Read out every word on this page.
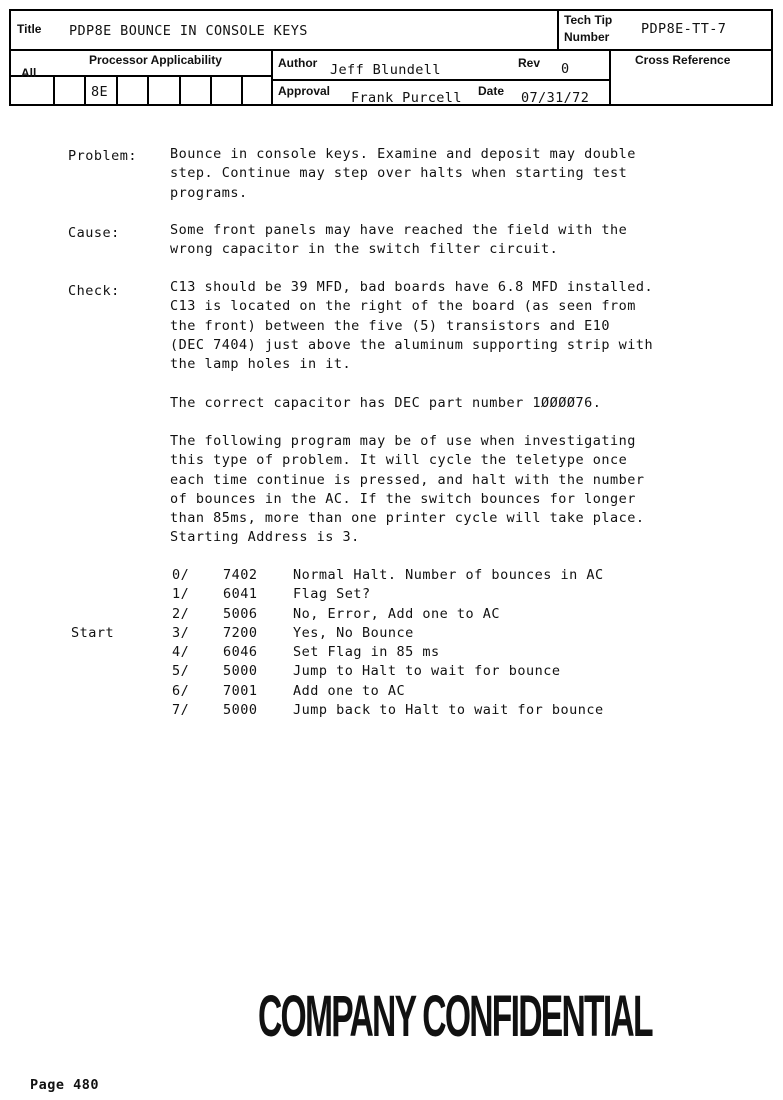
Title PDP8E BOUNCE IN CONSOLE KEYS
Tech Tip
Number PDP8E-TT-7
Processor Applicability
All
8E
Author Jeff Blundell	Rev 0
Cross Reference
Approval Frank Purcell Date 07/31/72
Problem: Bounce in console keys. Examine and deposit may double
step. Continue may step over halts when starting test
programs.
Cause:	Some front panels may have reached the field with the
wrong capacitor in the switch filter circuit.
Check:	C13 should be 39 MFD, bad boards have 6.8 MFD installed.
C13 is located on the right of the board (as seen from
the front) between the five (5) transistors and E10
(DEC 7404) just above the aluminum supporting strip with
the lamp holes in it.
The correct capacitor has DEC part number 1ØØØØ76.
The following program may be of use when investigating
this type of problem. It will cycle the teletype once
each time continue is pressed, and halt with the number
of bounces in the AC. If the switch bounces for longer
than 85ms, more than one printer cycle will take place.
Starting Address is 3.
0/ 7402	Normal Halt. Number of bounces in AC
1/ 6041	Flag Set?
2/ 5006	No, Error, Add one to AC
Start	3/ 7200	Yes, No Bounce
4/ 6046	Set Flag in 85 ms
5/ 5000	Jump to Halt to wait for bounce
6/ 7001	Add one to AC
7/ 5000	Jump back to Halt to wait for bounce
COMPANY CONFIDENTIAL
Page 480
